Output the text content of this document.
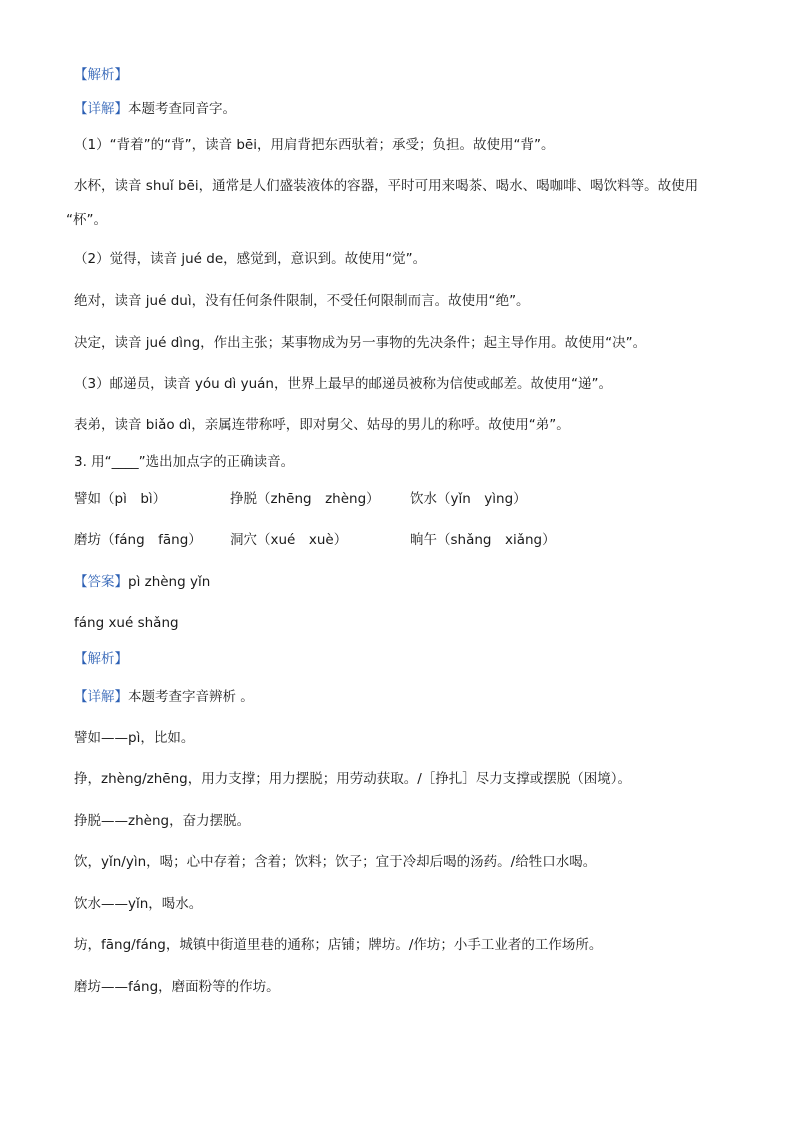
【解析】
【详解】本题考查同音字。
（1）“背着”的“背”，读音 bēi，用肩背把东西驮着；承受；负担。故使用“背”。
水杯，读音 shuǐ bēi，通常是人们盛装液体的容器，平时可用来喝茶、喝水、喝咖啡、喝饮料等。故使用
“杯”。
（2）觉得，读音 jué de，感觉到，意识到。故使用“觉”。
绝对，读音 jué duì，没有任何条件限制，不受任何限制而言。故使用“绝”。
决定，读音 jué dìng，作出主张；某事物成为另一事物的先决条件；起主导作用。故使用“决”。
（3）邮递员，读音 yóu dì yuán，世界上最早的邮递员被称为信使或邮差。故使用“递”。
表弟，读音 biǎo dì，亲属连带称呼，即对舅父、姑母的男儿的称呼。故使用“弟”。
3. 用“____”选出加点字的正确读音。
譬如（pì　bì）	挣脱（zhēng　zhèng） 饮水（yǐn　yìng）
磨坊（fáng　fāng） 洞穴（xué　xuè）	晌午（shǎng　xiǎng）
【答案】pì zhèng yǐn
fáng xué shǎng
【解析】
【详解】本题考查字音辨析 。
譬如——pì，比如。
挣，zhèng/zhēng，用力支撑；用力摆脱；用劳动获取。/［挣扎］尽力支撑或摆脱（困境）。
挣脱——zhèng，奋力摆脱。
饮，yǐn/yìn，喝；心中存着；含着；饮料；饮子；宜于冷却后喝的汤药。/给牲口水喝。
饮水——yǐn，喝水。
坊，fāng/fáng，城镇中街道里巷的通称；店铺；牌坊。/作坊；小手工业者的工作场所。
磨坊——fáng，磨面粉等的作坊。
